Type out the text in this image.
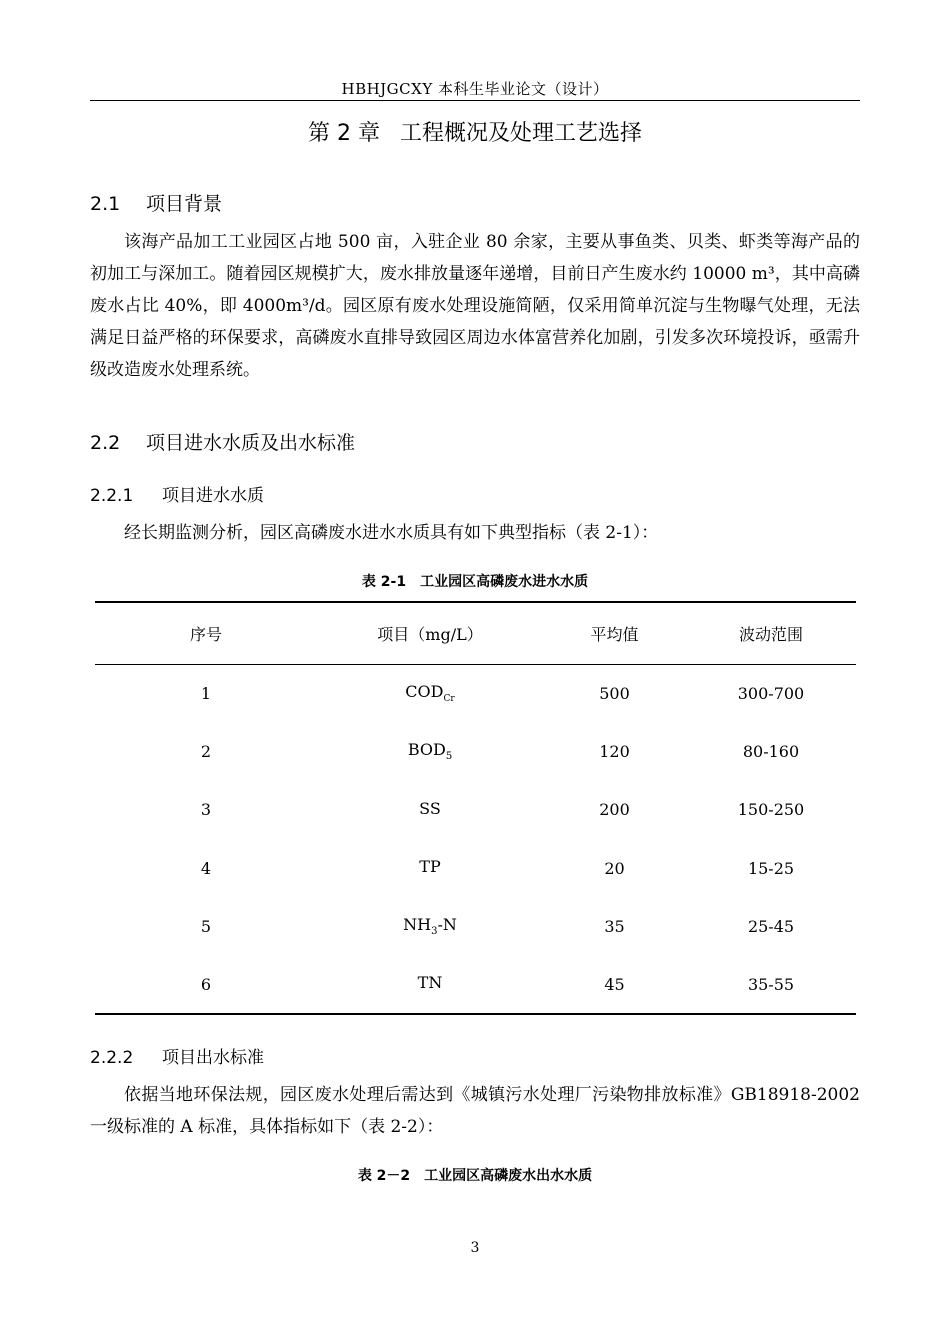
HBHJGCXY 本科生毕业论文（设计）
第 2 章 工程概况及处理工艺选择
2.1 项目背景

该海产品加工工业园区占地 500 亩，入驻企业 80 余家，主要从事鱼类、贝类、虾类等海产品的初加工与深加工。随着园区规模扩大，废水排放量逐年递增，目前日产生废水约 10000 m³，其中高磷废水占比 40%，即 4000m³/d。园区原有废水处理设施简陋，仅采用简单沉淀与生物曝气处理，无法满足日益严格的环保要求，高磷废水直排导致园区周边水体富营养化加剧，引发多次环境投诉，亟需升级改造废水处理系统。

2.2 项目进水水质及出水标准
2.2.1 项目进水水质

经长期监测分析，园区高磷废水进水水质具有如下典型指标（表 2-1）：

表 2-1　工业园区高磷废水进水水质
序号	项目（mg/L）	平均值	波动范围
1	$COD_{Cr}$	500	300-700
2	$BOD_5$	120	80-160
3	SS	200	150-250
4	TP	20	15-25
5	$NH_3-N$	35	25-45
6	TN	45	35-55
2.2.2 项目出水标准

依据当地环保法规，园区废水处理后需达到《城镇污水处理厂污染物排放标准》GB18918-2002 一级标准的 A 标准，具体指标如下（表 2-2）：

表 2－2　工业园区高磷废水出水水质
3
